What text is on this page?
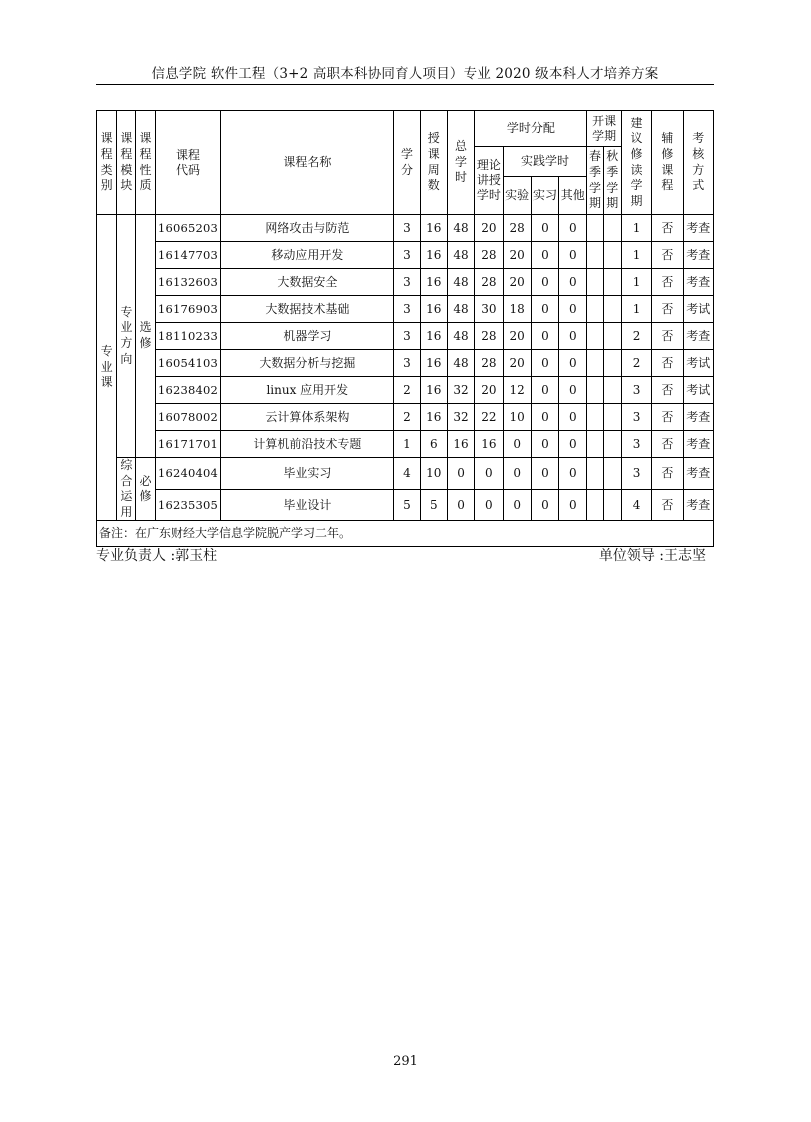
信息学院 软件工程（3+2 高职本科协同育人项目）专业 2020 级本科人才培养方案
课程类别	课程模块	课程性质	课程代码	课程名称	学分	授课周数	总学时	学时分配				开课学期		建议修读学期	辅修课程	考核方式
								理论讲授学时	实践学时			春季学期	秋季学期			
									实验	实习	其他					
专业课	专业方向	选修	16065203	网络攻击与防范	3	16	48	20	28	0	0			1	否	考查
			16147703	移动应用开发	3	16	48	28	20	0	0			1	否	考查
			16132603	大数据安全	3	16	48	28	20	0	0			1	否	考查
			16176903	大数据技术基础	3	16	48	30	18	0	0			1	否	考试
			18110233	机器学习	3	16	48	28	20	0	0			2	否	考查
			16054103	大数据分析与挖掘	3	16	48	28	20	0	0			2	否	考试
			16238402	linux 应用开发	2	16	32	20	12	0	0			3	否	考试
			16078002	云计算体系架构	2	16	32	22	10	0	0			3	否	考查
			16171701	计算机前沿技术专题	1	6	16	16	0	0	0			3	否	考查
	综合运用	必修	16240404	毕业实习	4	10	0	0	0	0	0			3	否	考查
			16235305	毕业设计	5	5	0	0	0	0	0			4	否	考查
备注：在广东财经大学信息学院脱产学习二年。																
专业负责人 :郭玉柱	单位领导 :王志坚
291
